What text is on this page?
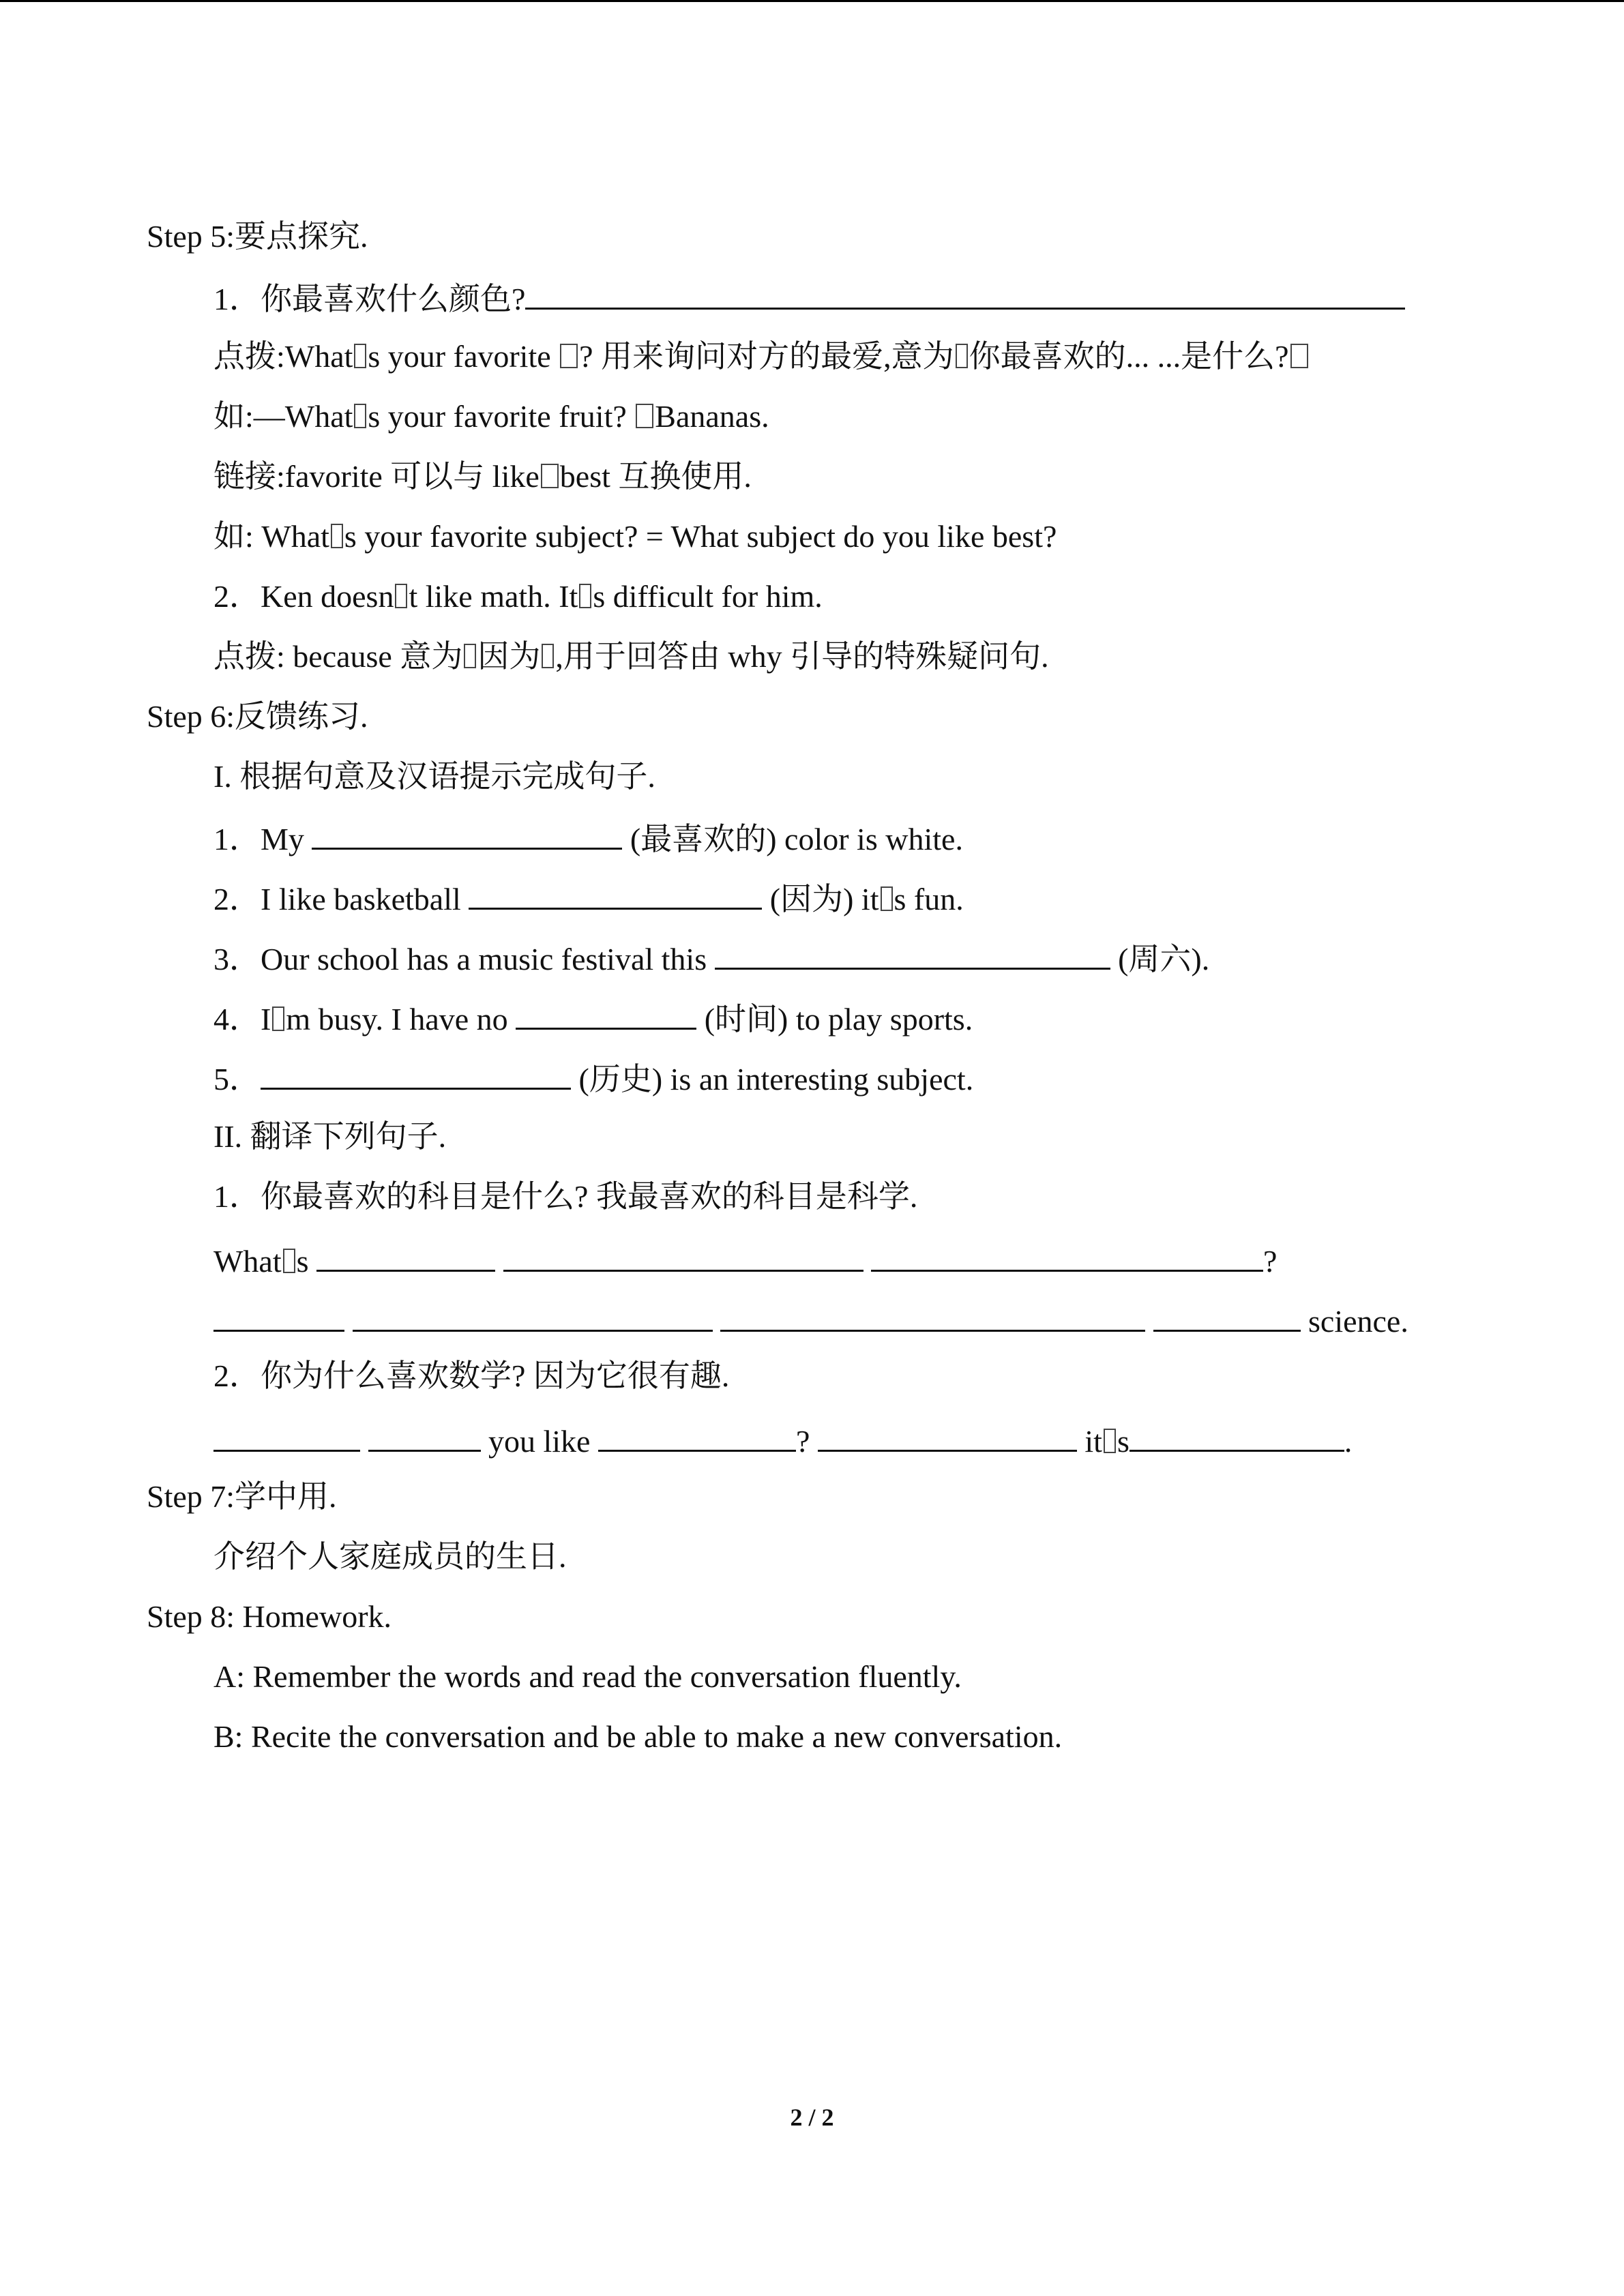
Step 5:要点探究.
1．你最喜欢什么颜色?
点拨:What s your favorite ? 用来询问对方的最爱,意为 你最喜欢的... ...是什么?
如:—What s your favorite fruit? Bananas.
链接:favorite 可以与 like best 互换使用.
如: What s your favorite subject? = What subject do you like best?
2．Ken doesn t like math. It s difficult for him.
点拨: because 意为 因为 ,用于回答由 why 引导的特殊疑问句.
Step 6:反馈练习.
I. 根据句意及汉语提示完成句子.
1．My	(最喜欢的) color is white.
2．I like basketball	(因为) it s fun.
3．Our school has a music festival this	(周六).
4．I m busy. I have no	(时间) to play sports.
5．	(历史) is an interesting subject.
II. 翻译下列句子.
1．你最喜欢的科目是什么? 我最喜欢的科目是科学.
What s	?
science.
2．你为什么喜欢数学? 因为它很有趣.
you like	?	it s	.
Step 7:学中用.
介绍个人家庭成员的生日.
Step 8: Homework.
A: Remember the words and read the conversation fluently.
B: Recite the conversation and be able to make a new conversation.
2 / 2
